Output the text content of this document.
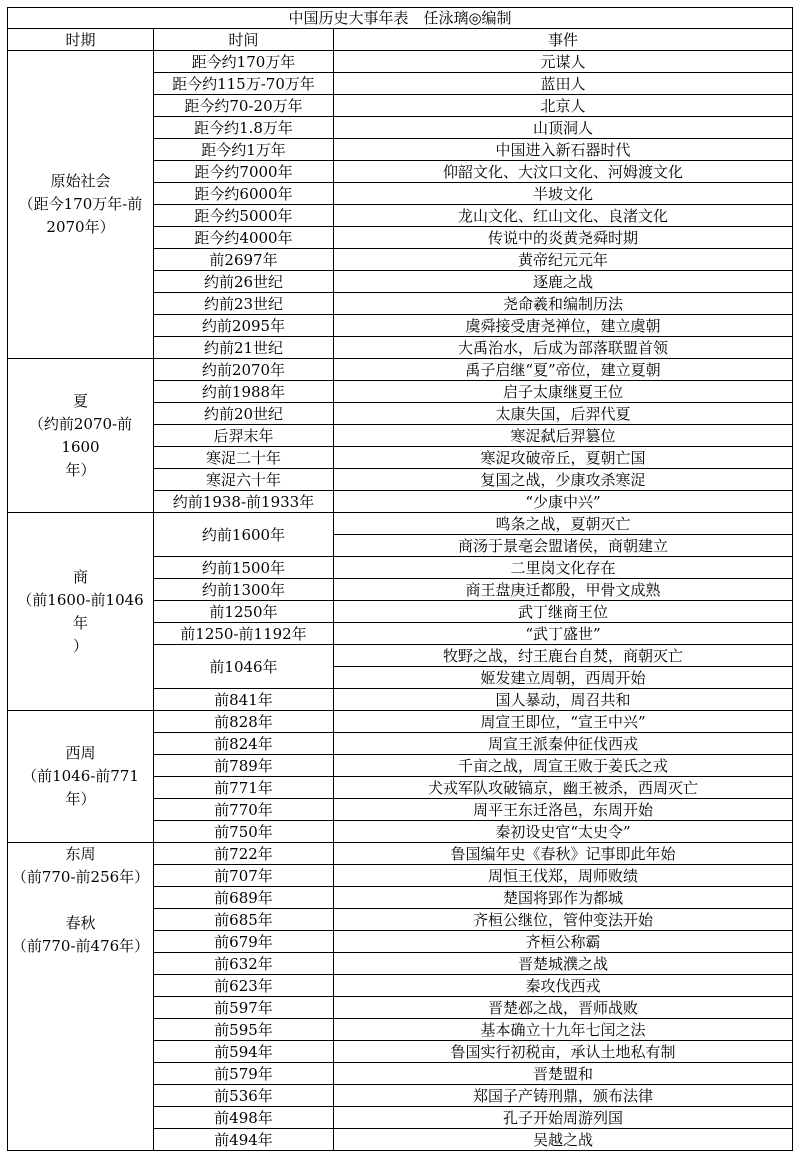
中国历史大事年表　任泳璃◎编制		
时期	时间	事件

原始社会
（距今170万年-前
2070年）	距今约170万年	元谋人
	距今约115万-70万年	蓝田人
	距今约70-20万年	北京人
	距今约1.8万年	山顶洞人
	距今约1万年	中国进入新石器时代
	距今约7000年	仰韶文化、大汶口文化、河姆渡文化
	距今约6000年	半坡文化
	距今约5000年	龙山文化、红山文化、良渚文化
	距今约4000年	传说中的炎黄尧舜时期
	前2697年	黄帝纪元元年
	约前26世纪	逐鹿之战
	约前23世纪	尧命羲和编制历法
	约前2095年	虞舜接受唐尧禅位，建立虞朝
	约前21世纪	大禹治水，后成为部落联盟首领

夏
（约前2070-前1600
年）	约前2070年	禹子启继“夏”帝位，建立夏朝
	约前1988年	启子太康继夏王位
	约前20世纪	太康失国，后羿代夏
	后羿末年	寒浞弑后羿篡位
	寒浞二十年	寒浞攻破帝丘，夏朝亡国
	寒浞六十年	复国之战，少康攻杀寒浞
	约前1938-前1933年	“少康中兴”

商
（前1600-前1046年
）	约前1600年	鸣条之战，夏朝灭亡
		商汤于景亳会盟诸侯，商朝建立
	约前1500年	二里岗文化存在
	约前1300年	商王盘庚迁都殷，甲骨文成熟
	前1250年	武丁继商王位
	前1250-前1192年	“武丁盛世”
	前1046年	牧野之战，纣王鹿台自焚，商朝灭亡
		姬发建立周朝，西周开始
	前841年	国人暴动，周召共和

西周
（前1046-前771年）	前828年	周宣王即位，“宣王中兴”
	前824年	周宣王派秦仲征伐西戎
	前789年	千亩之战，周宣王败于姜氏之戎
	前771年	犬戎军队攻破镐京，幽王被杀，西周灭亡
	前770年	周平王东迁洛邑，东周开始
	前750年	秦初设史官“太史令”

东周
（前770-前256年）
春秋
（前770-前476年）	前722年	鲁国编年史《春秋》记事即此年始
	前707年	周恒王伐郑，周师败绩
	前689年	楚国将郢作为都城
	前685年	齐桓公继位，管仲变法开始
	前679年	齐桓公称霸
	前632年	晋楚城濮之战
	前623年	秦攻伐西戎
	前597年	晋楚邲之战，晋师战败
	前595年	基本确立十九年七闰之法
	前594年	鲁国实行初税亩，承认土地私有制
	前579年	晋楚盟和
	前536年	郑国子产铸刑鼎，颁布法律
	前498年	孔子开始周游列国
	前494年	吴越之战
